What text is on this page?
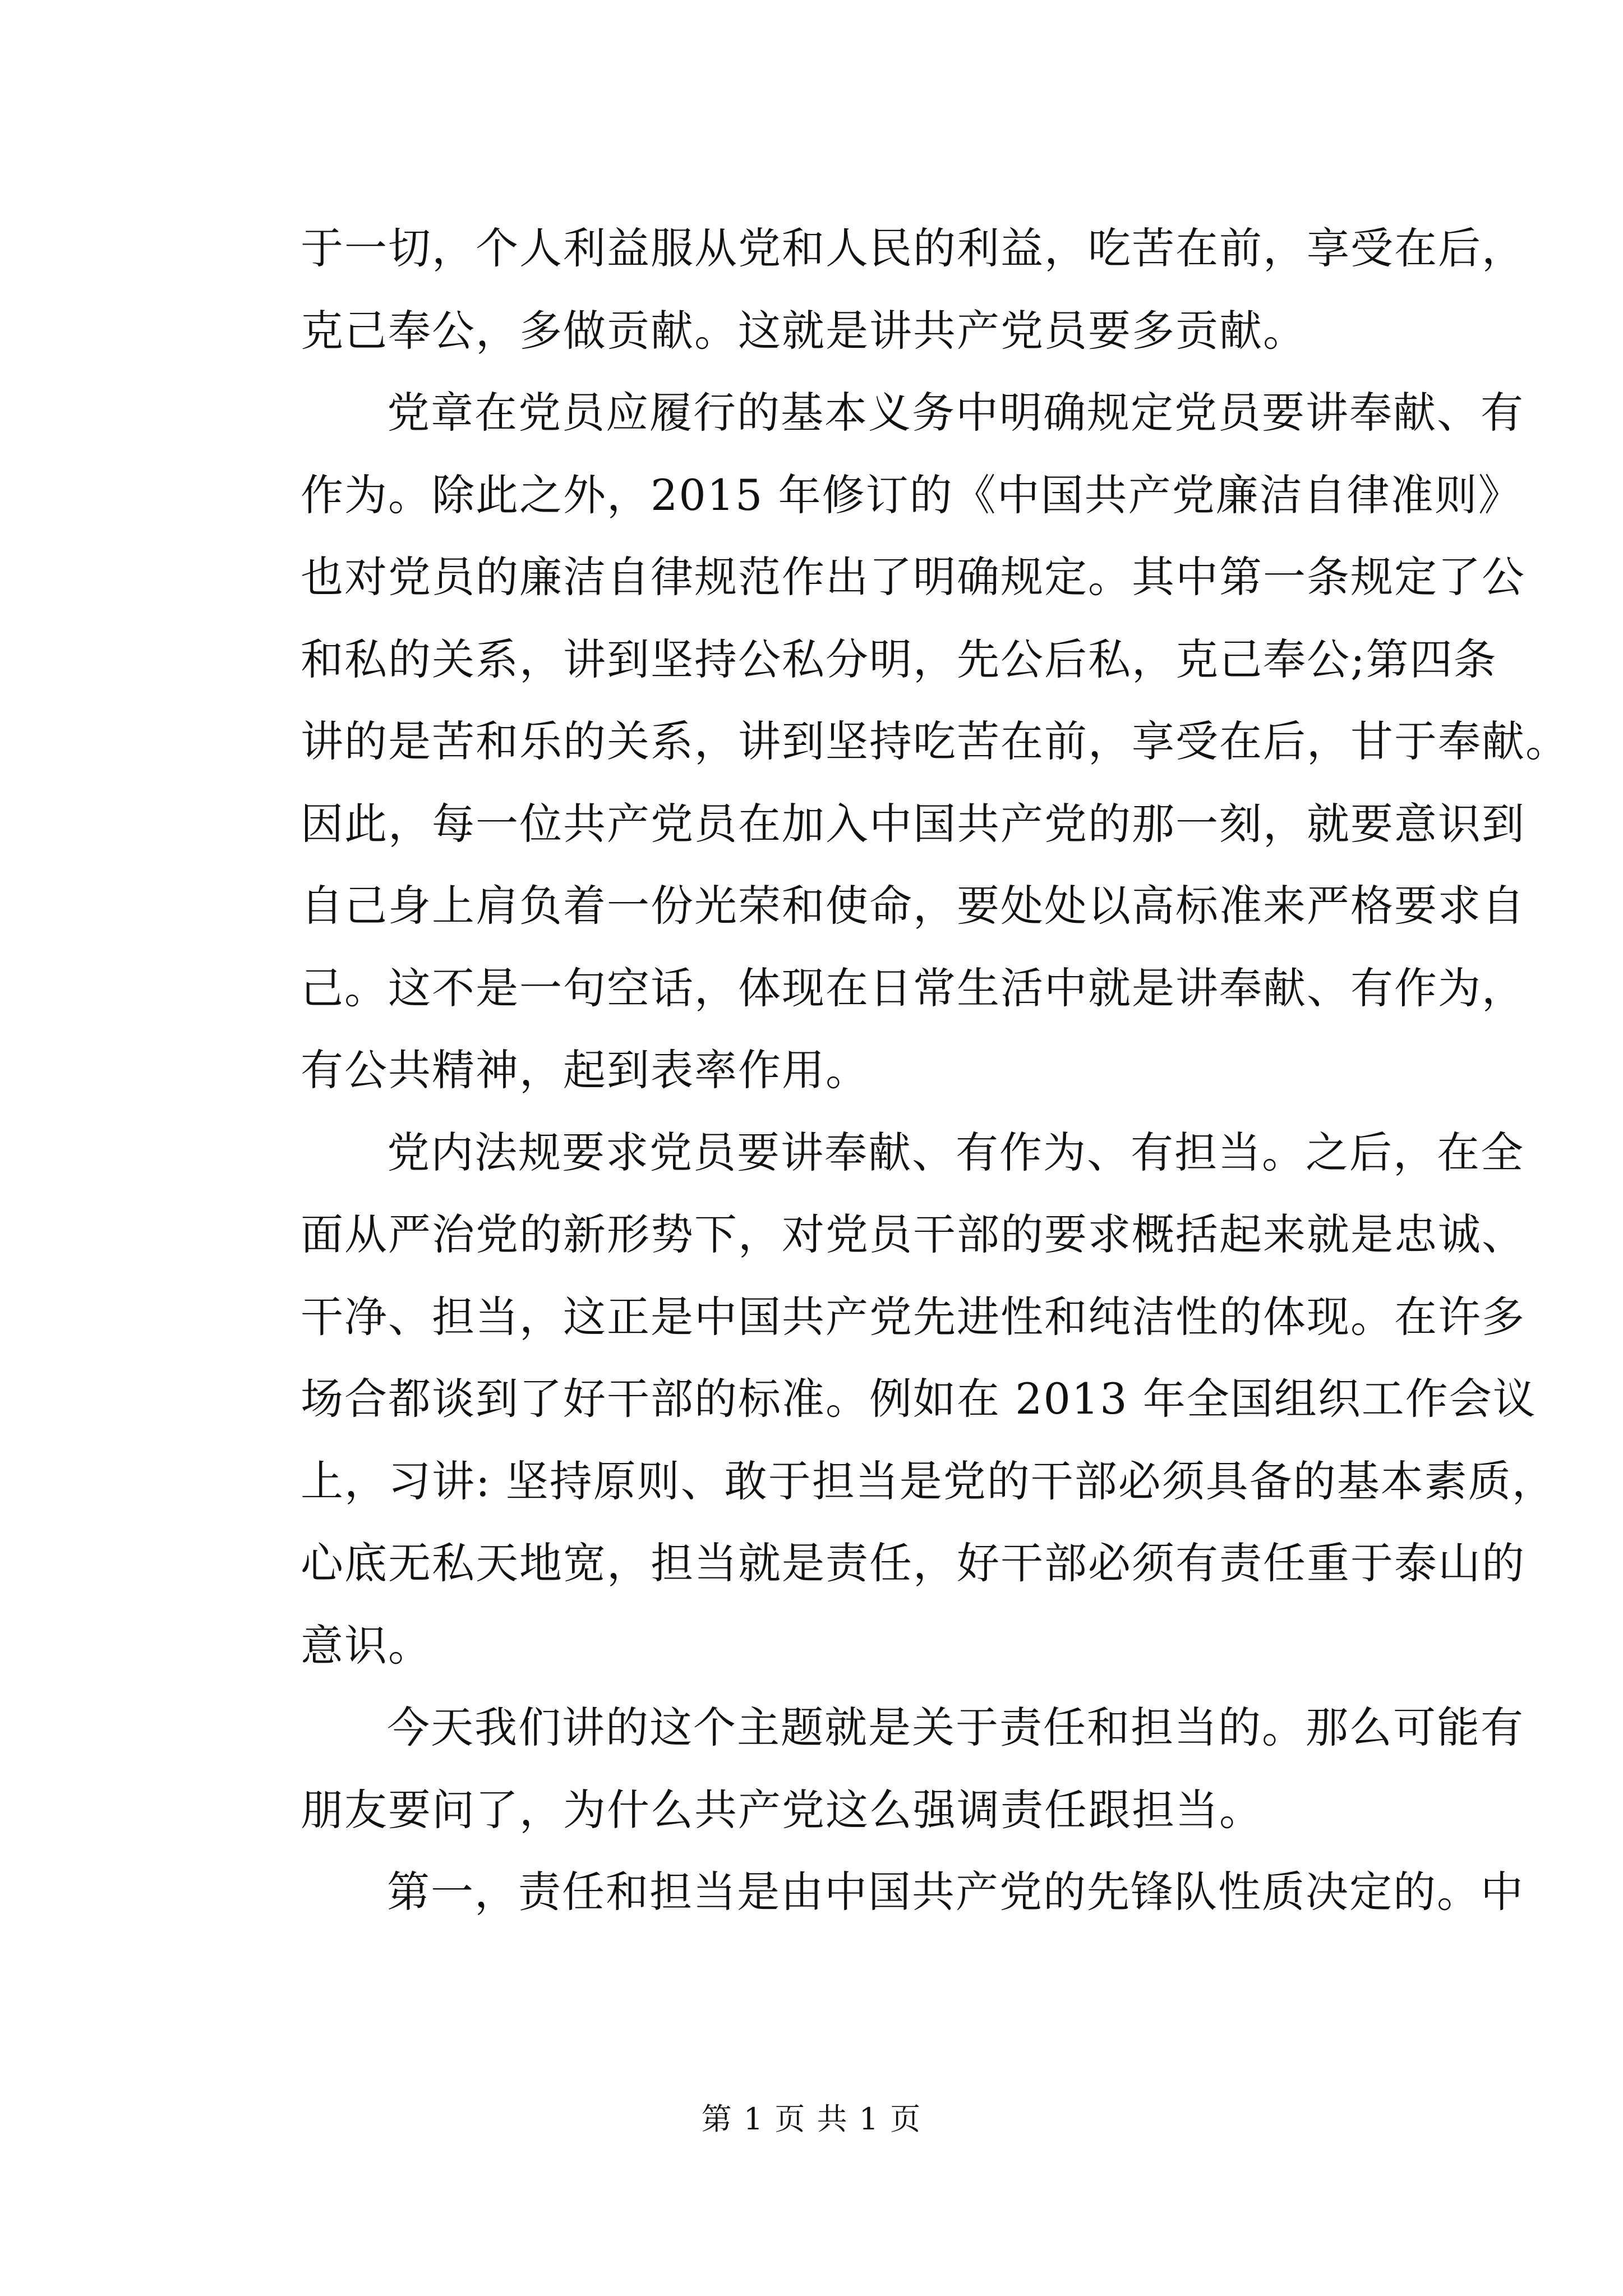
于一切，个人利益服从党和人民的利益，吃苦在前，享受在后，
克己奉公，多做贡献。这就是讲共产党员要多贡献。
党章在党员应履行的基本义务中明确规定党员要讲奉献、有
作为。除此之外，2015 年修订的《中国共产党廉洁自律准则》
也对党员的廉洁自律规范作出了明确规定。其中第一条规定了公
和私的关系，讲到坚持公私分明，先公后私，克己奉公;第四条
讲的是苦和乐的关系，讲到坚持吃苦在前，享受在后，甘于奉献。
因此，每一位共产党员在加入中国共产党的那一刻，就要意识到
自己身上肩负着一份光荣和使命，要处处以高标准来严格要求自
己。这不是一句空话，体现在日常生活中就是讲奉献、有作为，
有公共精神，起到表率作用。
党内法规要求党员要讲奉献、有作为、有担当。之后，在全
面从严治党的新形势下，对党员干部的要求概括起来就是忠诚、
干净、担当，这正是中国共产党先进性和纯洁性的体现。在许多
场合都谈到了好干部的标准。例如在 2013 年全国组织工作会议
上，习讲: 坚持原则、敢于担当是党的干部必须具备的基本素质，
心底无私天地宽，担当就是责任，好干部必须有责任重于泰山的
意识。
今天我们讲的这个主题就是关于责任和担当的。那么可能有
朋友要问了，为什么共产党这么强调责任跟担当。
第一，责任和担当是由中国共产党的先锋队性质决定的。中
第 1 页 共 1 页
